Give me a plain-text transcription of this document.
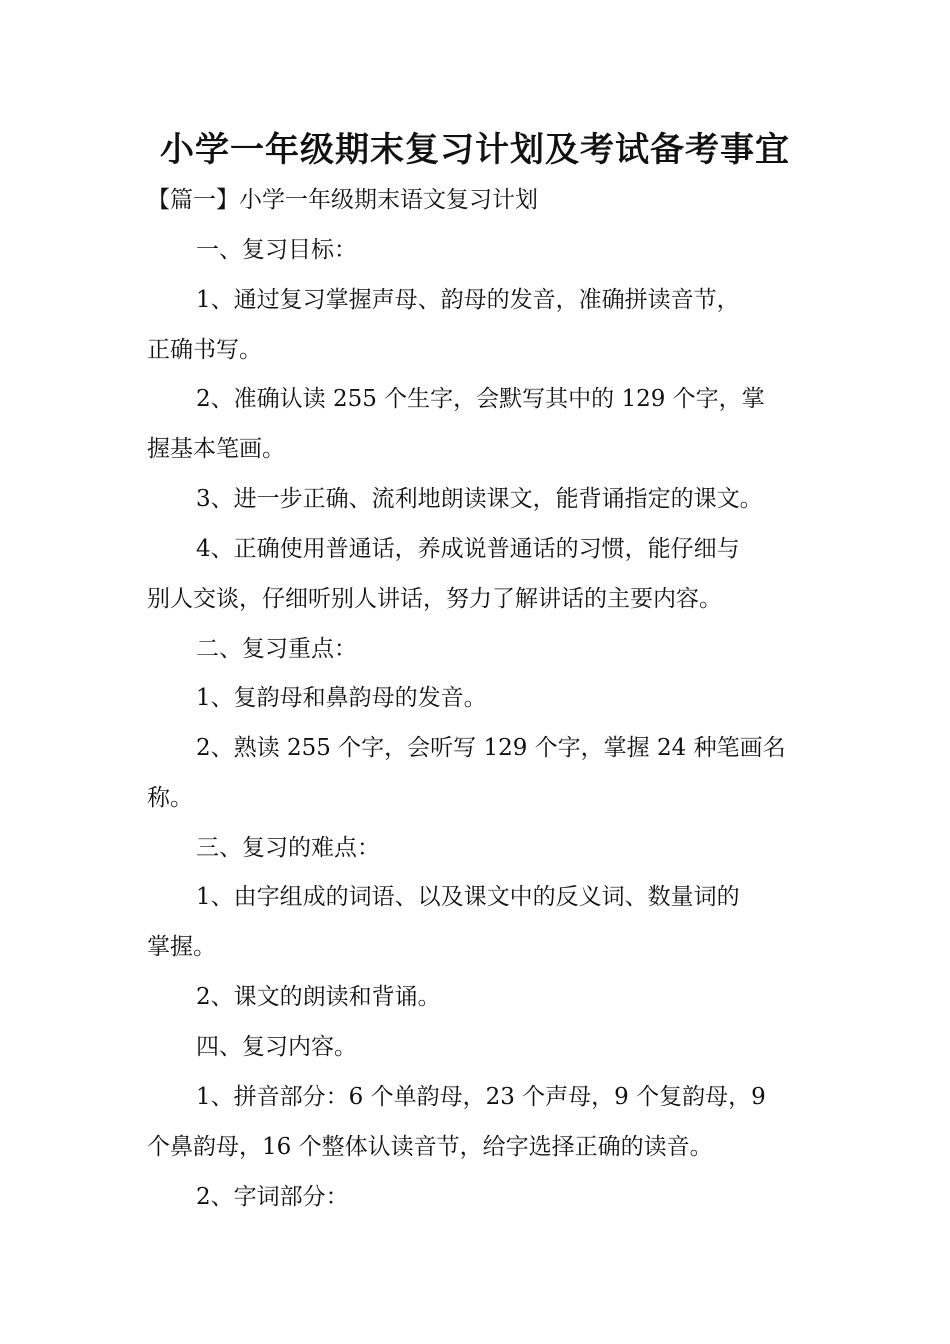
小学一年级期末复习计划及考试备考事宜

【篇一】小学一年级期末语文复习计划

一、复习目标：

1、通过复习掌握声母、韵母的发音，准确拼读音节，

正确书写。

2、准确认读 255 个生字，会默写其中的 129 个字，掌

握基本笔画。

3、进一步正确、流利地朗读课文，能背诵指定的课文。

4、正确使用普通话，养成说普通话的习惯，能仔细与

别人交谈，仔细听别人讲话，努力了解讲话的主要内容。

二、复习重点：

1、复韵母和鼻韵母的发音。

2、熟读 255 个字，会听写 129 个字，掌握 24 种笔画名

称。

三、复习的难点：

1、由字组成的词语、以及课文中的反义词、数量词的

掌握。

2、课文的朗读和背诵。

四、复习内容。

1、拼音部分：6 个单韵母，23 个声母，9 个复韵母，9

个鼻韵母，16 个整体认读音节，给字选择正确的读音。

2、字词部分：
